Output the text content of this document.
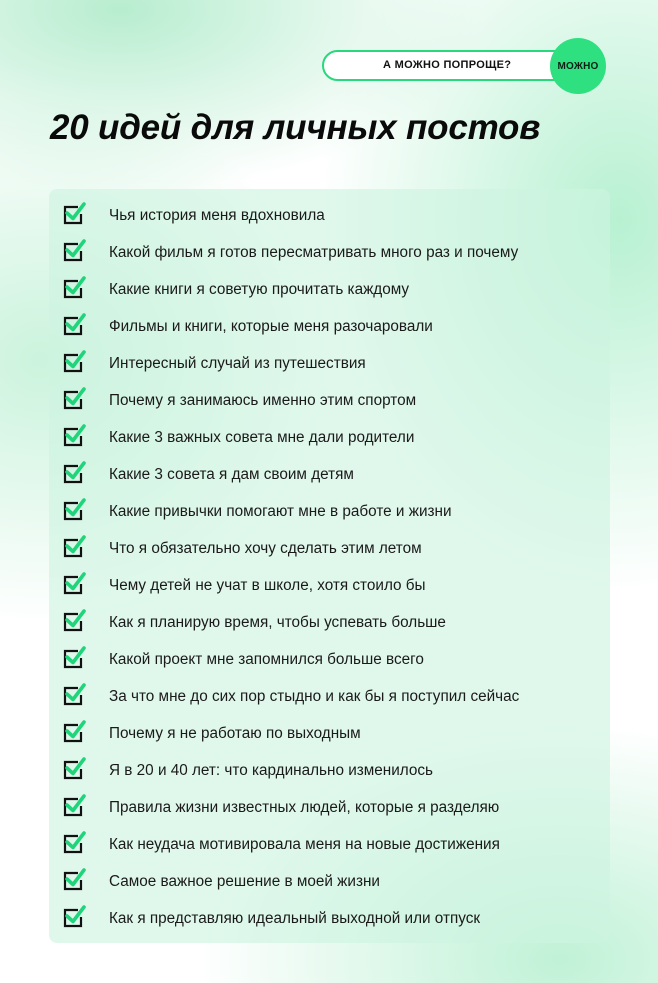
А МОЖНО ПОПРОЩЕ?	МОЖНО
20 идей для личных постов
Чья история меня вдохновила
Какой фильм я готов пересматривать много раз и почему
Какие книги я советую прочитать каждому
Фильмы и книги, которые меня разочаровали
Интересный случай из путешествия
Почему я занимаюсь именно этим спортом
Какие 3 важных совета мне дали родители
Какие 3 совета я дам своим детям
Какие привычки помогают мне в работе и жизни
Что я обязательно хочу сделать этим летом
Чему детей не учат в школе, хотя стоило бы
Как я планирую время, чтобы успевать больше
Какой проект мне запомнился больше всего
За что мне до сих пор стыдно и как бы я поступил сейчас
Почему я не работаю по выходным
Я в 20 и 40 лет: что кардинально изменилось
Правила жизни известных людей, которые я разделяю
Как неудача мотивировала меня на новые достижения
Самое важное решение в моей жизни
Как я представляю идеальный выходной или отпуск
